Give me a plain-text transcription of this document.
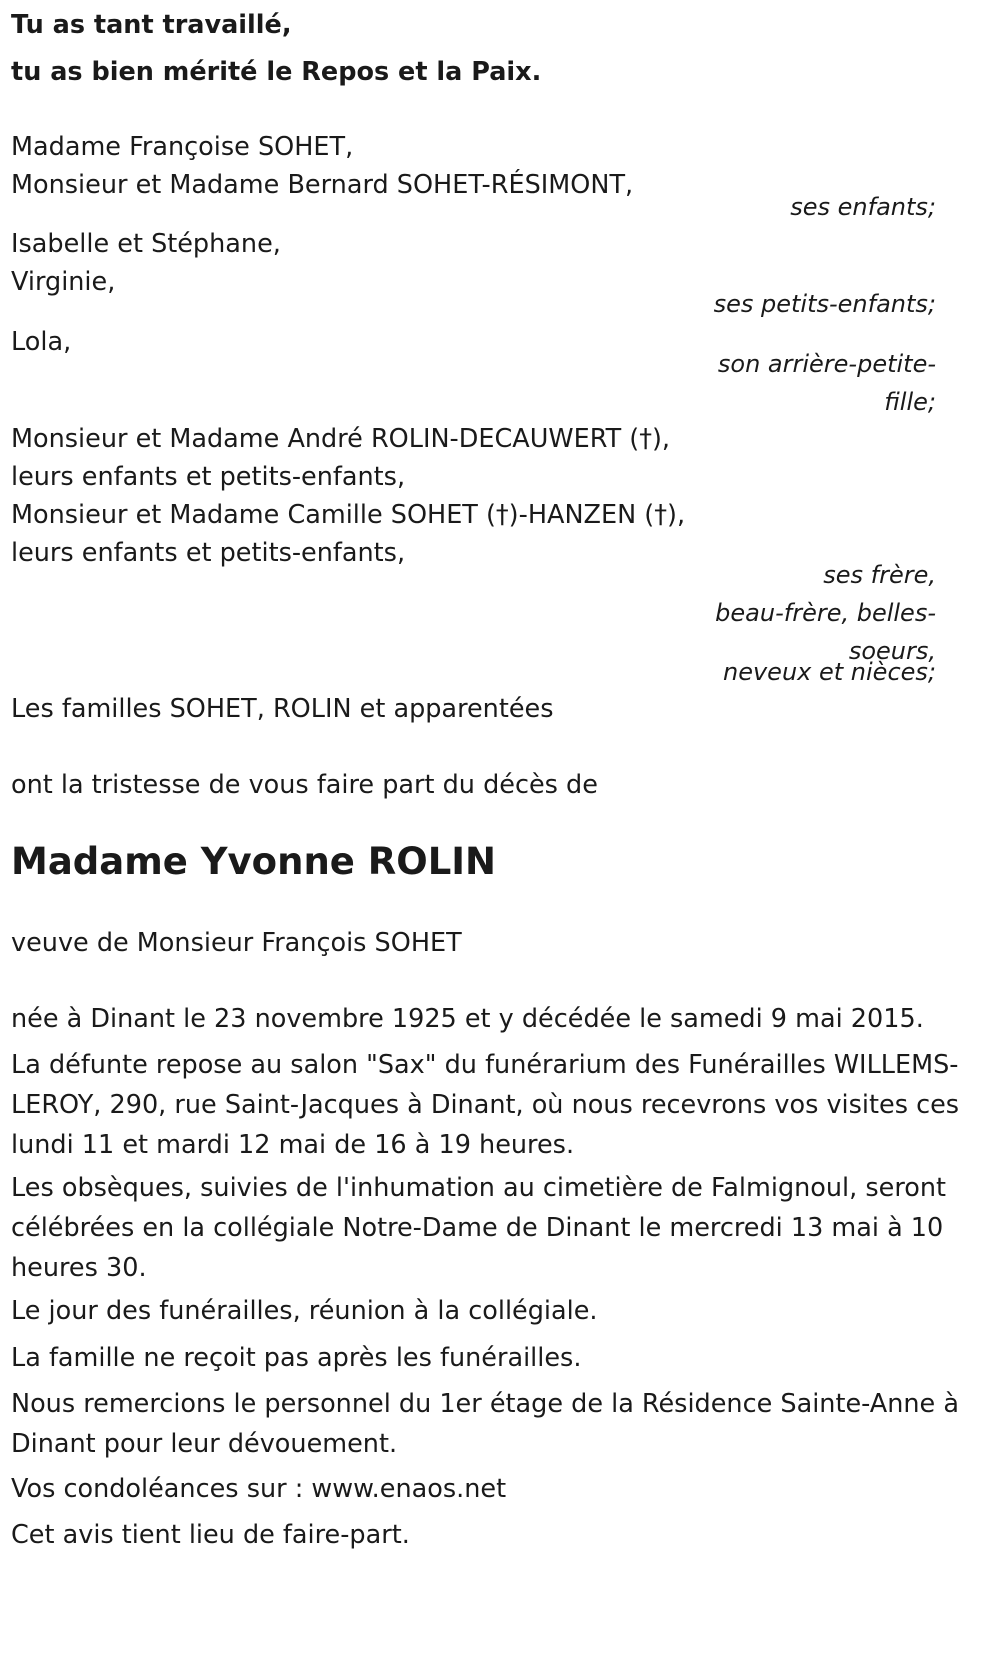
Tu as tant travaillé,
tu as bien mérité le Repos et la Paix.
Madame Françoise SOHET,
Monsieur et Madame Bernard SOHET-RÉSIMONT,
ses enfants;
Isabelle et Stéphane,
Virginie,
ses petits-enfants;
Lola,
son arrière-petite-
fille;
Monsieur et Madame André ROLIN-DECAUWERT (†),
leurs enfants et petits-enfants,
Monsieur et Madame Camille SOHET (†)-HANZEN (†),
leurs enfants et petits-enfants,
ses frère,
beau-frère, belles-
soeurs,
neveux et nièces;
Les familles SOHET, ROLIN et apparentées
ont la tristesse de vous faire part du décès de
Madame Yvonne ROLIN
veuve de Monsieur François SOHET
née à Dinant le 23 novembre 1925 et y décédée le samedi 9 mai 2015.
La défunte repose au salon "Sax" du funérarium des Funérailles WILLEMS-LEROY, 290, rue Saint-Jacques à Dinant, où nous recevrons vos visites ces lundi 11 et mardi 12 mai de 16 à 19 heures.
Les obsèques, suivies de l'inhumation au cimetière de Falmignoul, seront célébrées en la collégiale Notre-Dame de Dinant le mercredi 13 mai à 10 heures 30.
Le jour des funérailles, réunion à la collégiale.
La famille ne reçoit pas après les funérailles.
Nous remercions le personnel du 1er étage de la Résidence Sainte-Anne à Dinant pour leur dévouement.
Vos condoléances sur : www.enaos.net
Cet avis tient lieu de faire-part.
